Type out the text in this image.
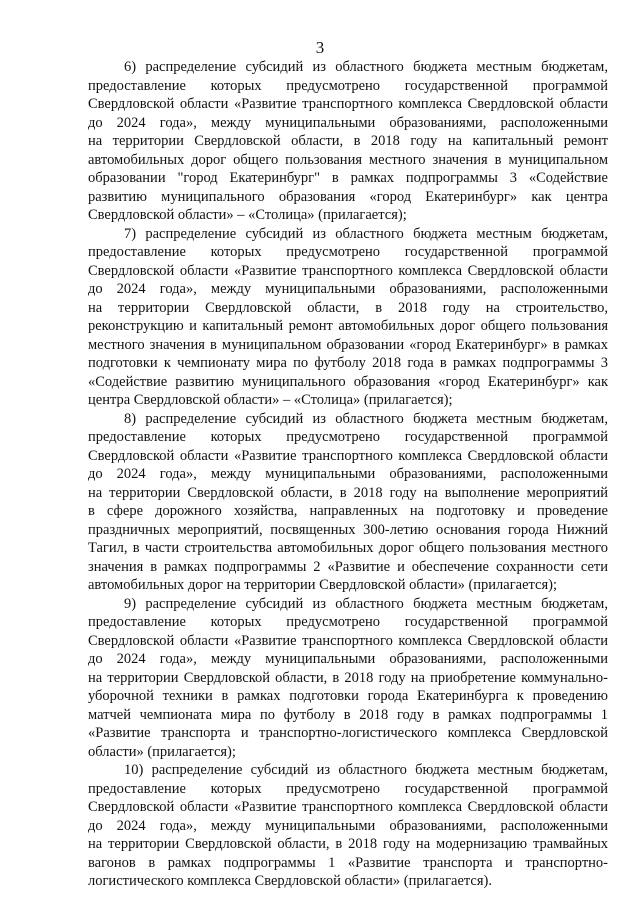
3
6) распределение субсидий из областного бюджета местным бюджетам,
предоставление которых предусмотрено государственной программой
Свердловской области «Развитие транспортного комплекса Свердловской области
до 2024 года», между муниципальными образованиями, расположенными
на территории Свердловской области, в 2018 году на капитальный ремонт
автомобильных дорог общего пользования местного значения в муниципальном
образовании "город Екатеринбург" в рамках подпрограммы 3 «Содействие
развитию муниципального образования «город Екатеринбург» как центра
Свердловской области» – «Столица» (прилагается);
7) распределение субсидий из областного бюджета местным бюджетам,
предоставление которых предусмотрено государственной программой
Свердловской области «Развитие транспортного комплекса Свердловской области
до 2024 года», между муниципальными образованиями, расположенными
на территории Свердловской области, в 2018 году на строительство,
реконструкцию и капитальный ремонт автомобильных дорог общего пользования
местного значения в муниципальном образовании «город Екатеринбург» в рамках
подготовки к чемпионату мира по футболу 2018 года в рамках подпрограммы 3
«Содействие развитию муниципального образования «город Екатеринбург» как
центра Свердловской области» – «Столица» (прилагается);
8) распределение субсидий из областного бюджета местным бюджетам,
предоставление которых предусмотрено государственной программой
Свердловской области «Развитие транспортного комплекса Свердловской области
до 2024 года», между муниципальными образованиями, расположенными
на территории Свердловской области, в 2018 году на выполнение мероприятий
в сфере дорожного хозяйства, направленных на подготовку и проведение
праздничных мероприятий, посвященных 300-летию основания города Нижний
Тагил, в части строительства автомобильных дорог общего пользования местного
значения в рамках подпрограммы 2 «Развитие и обеспечение сохранности сети
автомобильных дорог на территории Свердловской области» (прилагается);
9) распределение субсидий из областного бюджета местным бюджетам,
предоставление которых предусмотрено государственной программой
Свердловской области «Развитие транспортного комплекса Свердловской области
до 2024 года», между муниципальными образованиями, расположенными
на территории Свердловской области, в 2018 году на приобретение коммунально-
уборочной техники в рамках подготовки города Екатеринбурга к проведению
матчей чемпионата мира по футболу в 2018 году в рамках подпрограммы 1
«Развитие транспорта и транспортно-логистического комплекса Свердловской
области» (прилагается);
10) распределение субсидий из областного бюджета местным бюджетам,
предоставление которых предусмотрено государственной программой
Свердловской области «Развитие транспортного комплекса Свердловской области
до 2024 года», между муниципальными образованиями, расположенными
на территории Свердловской области, в 2018 году на модернизацию трамвайных
вагонов в рамках подпрограммы 1 «Развитие транспорта и транспортно-
логистического комплекса Свердловской области» (прилагается).
